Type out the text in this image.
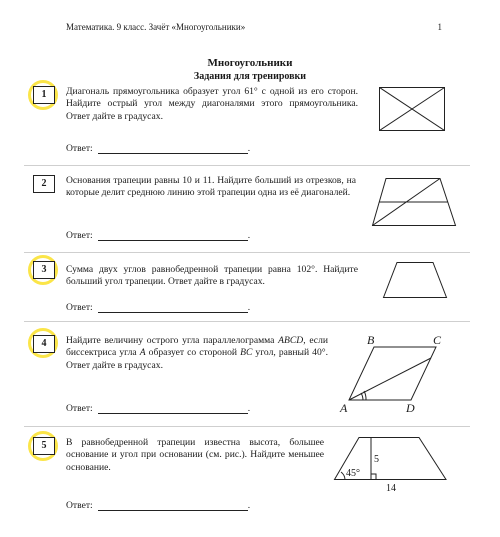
Математика. 9 класс. Зачёт «Многоугольники»	1
Многоугольники
Задания для тренировки
1	Диагональ прямоугольника образует угол 61° с одной из его сторон. Найдите острый угол между диагоналями этого прямоугольника. Ответ дайте в градусах.

Ответ:	.
2	Основания трапеции равны 10 и 11. Найдите больший из отрезков, на которые делит среднюю линию этой трапеции одна из её диагоналей.

Ответ:	.
3	Сумма двух углов равнобедренной трапеции равна 102°. Найдите больший угол трапеции. Ответ дайте в градусах.

Ответ:	.
4	Найдите величину острого угла параллелограмма ABCD, если биссектриса угла A образует со стороной BC угол, равный 40°. Ответ дайте в градусах.

B	C
A	D
Ответ:	.
5	В равнобедренной трапеции известна высота, большее основание и угол при основании (см. рис.). Найдите меньшее основание.

5
45°
14
Ответ:	.
